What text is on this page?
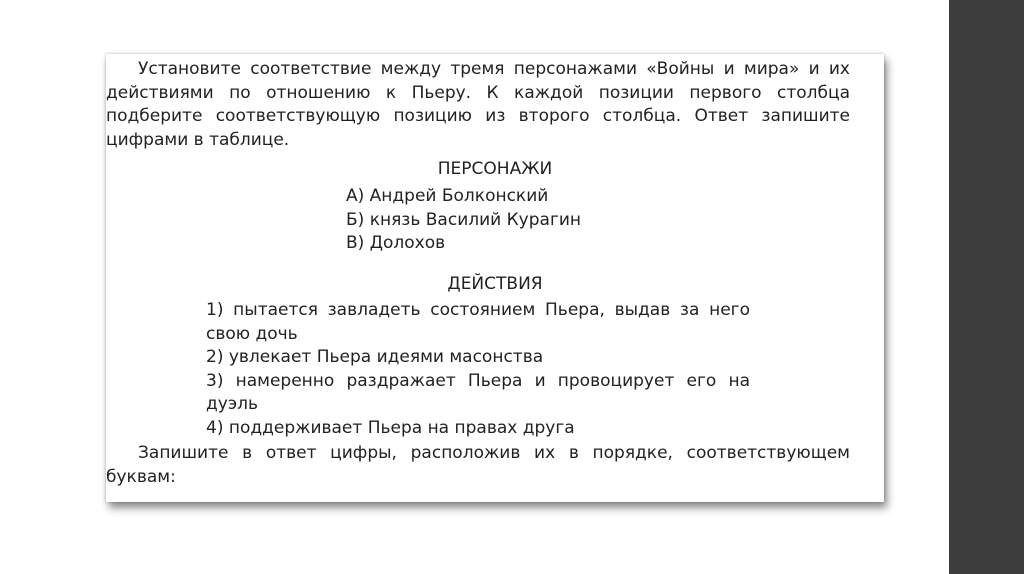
Установите соответствие между тремя персонажами «Войны и мира» и их действиями по отношению к Пьеру. К каждой позиции первого столбца подберите соответствующую позицию из второго столбца. Ответ запишите цифрами в таблице.

ПЕРСОНАЖИ
А) Андрей Болконский
Б) князь Василий Курагин
В) Долохов
ДЕЙСТВИЯ
1) пытается завладеть состоянием Пьера, выдав за него свою дочь
2) увлекает Пьера идеями масонства
3) намеренно раздражает Пьера и провоцирует его на дуэль
4) поддерживает Пьера на правах друга

Запишите в ответ цифры, расположив их в порядке, соответствующем буквам:
